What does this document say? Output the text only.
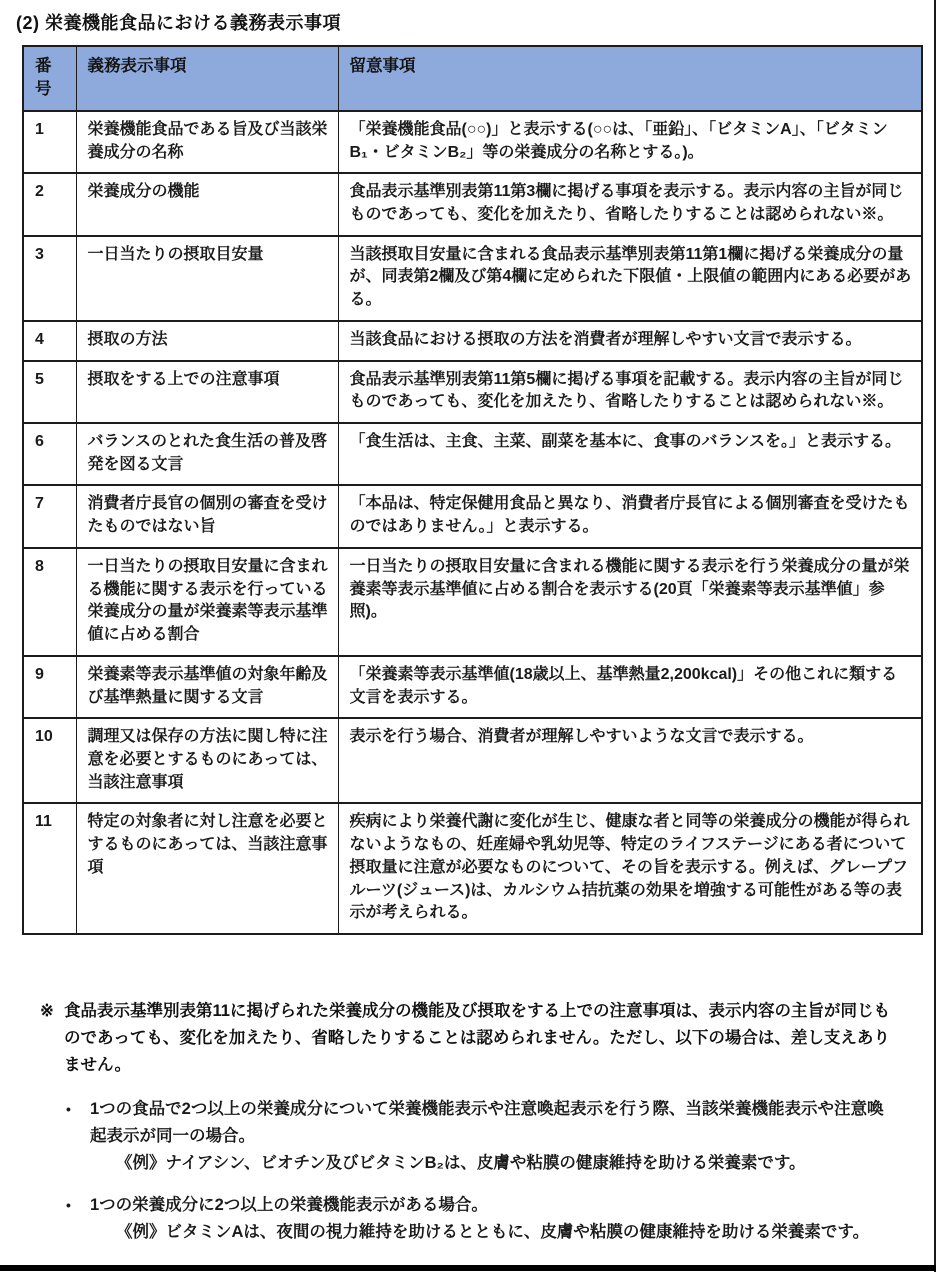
(2) 栄養機能食品における義務表示事項
番号	義務表示事項	留意事項
1	栄養機能食品である旨及び当該栄養成分の名称	「栄養機能食品(○○)」と表示する(○○は、「亜鉛」、「ビタミンA」、「ビタミンB₁・ビタミンB₂」等の栄養成分の名称とする。)。
2	栄養成分の機能	食品表示基準別表第11第3欄に掲げる事項を表示する。表示内容の主旨が同じものであっても、変化を加えたり、省略したりすることは認められない※。
3	一日当たりの摂取目安量	当該摂取目安量に含まれる食品表示基準別表第11第1欄に掲げる栄養成分の量が、同表第2欄及び第4欄に定められた下限値・上限値の範囲内にある必要がある。
4	摂取の方法	当該食品における摂取の方法を消費者が理解しやすい文言で表示する。
5	摂取をする上での注意事項	食品表示基準別表第11第5欄に掲げる事項を記載する。表示内容の主旨が同じものであっても、変化を加えたり、省略したりすることは認められない※。
6	バランスのとれた食生活の普及啓発を図る文言	「食生活は、主食、主菜、副菜を基本に、食事のバランスを。」と表示する。
7	消費者庁長官の個別の審査を受けたものではない旨	「本品は、特定保健用食品と異なり、消費者庁長官による個別審査を受けたものではありません。」と表示する。
8	一日当たりの摂取目安量に含まれる機能に関する表示を行っている栄養成分の量が栄養素等表示基準値に占める割合	一日当たりの摂取目安量に含まれる機能に関する表示を行う栄養成分の量が栄養素等表示基準値に占める割合を表示する(20頁「栄養素等表示基準値」参照)。
9	栄養素等表示基準値の対象年齢及び基準熱量に関する文言	「栄養素等表示基準値(18歳以上、基準熱量2,200kcal)」その他これに類する文言を表示する。
10	調理又は保存の方法に関し特に注意を必要とするものにあっては、当該注意事項	表示を行う場合、消費者が理解しやすいような文言で表示する。
11	特定の対象者に対し注意を必要とするものにあっては、当該注意事項	疾病により栄養代謝に変化が生じ、健康な者と同等の栄養成分の機能が得られないようなもの、妊産婦や乳幼児等、特定のライフステージにある者について摂取量に注意が必要なものについて、その旨を表示する。例えば、グレープフルーツ(ジュース)は、カルシウム拮抗薬の効果を増強する可能性がある等の表示が考えられる。
※ 食品表示基準別表第11に掲げられた栄養成分の機能及び摂取をする上での注意事項は、表示内容の主旨が同じものであっても、変化を加えたり、省略したりすることは認められません。ただし、以下の場合は、差し支えありません。
•	1つの食品で2つ以上の栄養成分について栄養機能表示や注意喚起表示を行う際、当該栄養機能表示や注意喚起表示が同一の場合。
《例》ナイアシン、ビオチン及びビタミンB₂は、皮膚や粘膜の健康維持を助ける栄養素です。
•	1つの栄養成分に2つ以上の栄養機能表示がある場合。
《例》ビタミンAは、夜間の視力維持を助けるとともに、皮膚や粘膜の健康維持を助ける栄養素です。
